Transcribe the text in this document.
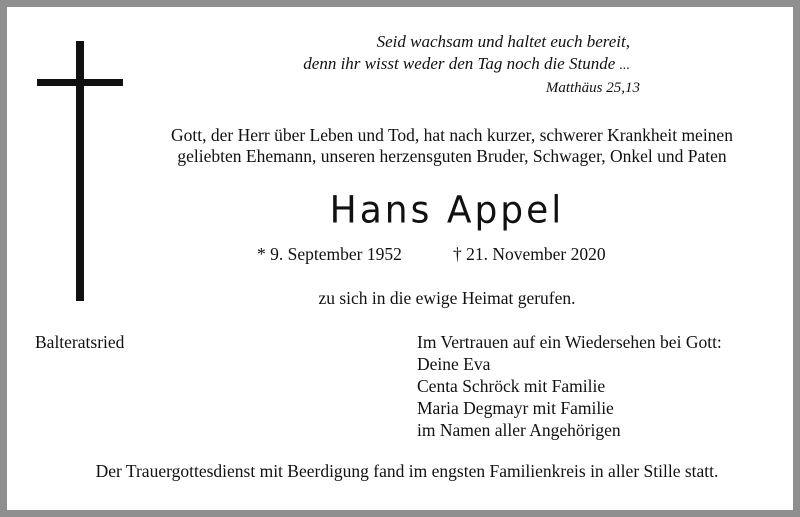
Seid wachsam und haltet euch bereit,
denn ihr wisst weder den Tag noch die Stunde ...
Matthäus 25,13
Gott, der Herr über Leben und Tod, hat nach kurzer, schwerer Krankheit meinen
geliebten Ehemann, unseren herzensguten Bruder, Schwager, Onkel und Paten
Hans Appel
* 9. September 1952	† 21. November 2020
zu sich in die ewige Heimat gerufen.
Balteratsried	Im Vertrauen auf ein Wiedersehen bei Gott:
Deine Eva
Centa Schröck mit Familie
Maria Degmayr mit Familie
im Namen aller Angehörigen
Der Trauergottesdienst mit Beerdigung fand im engsten Familienkreis in aller Stille statt.
